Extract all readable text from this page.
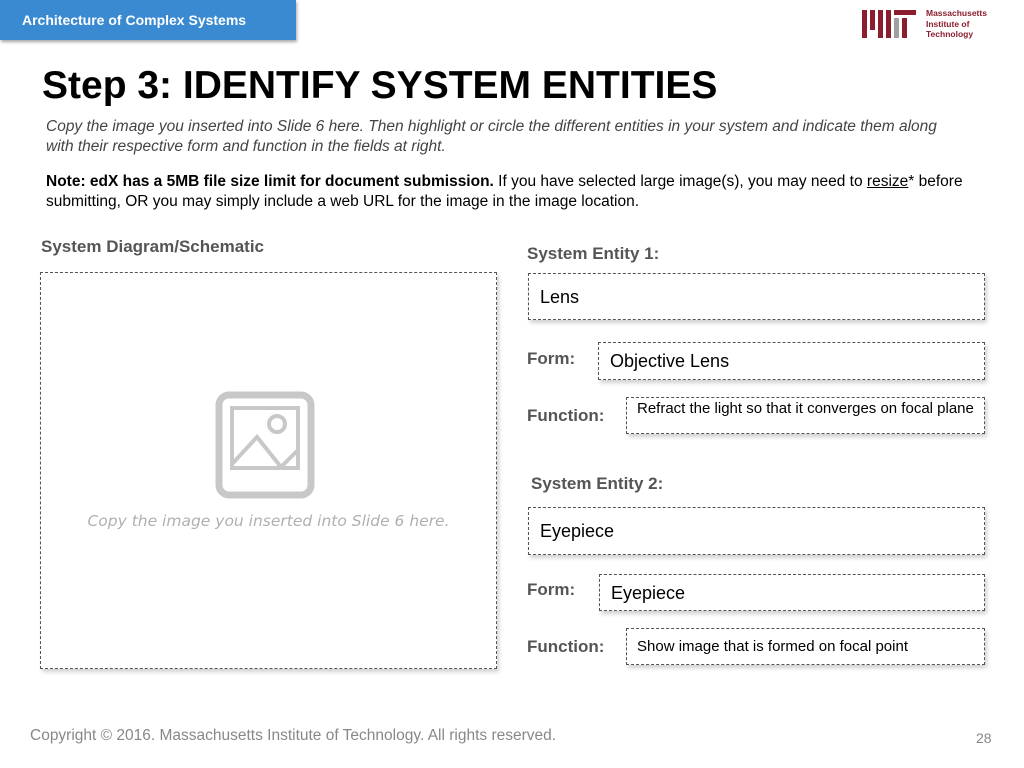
Architecture of Complex Systems	Massachusetts
Institute of
Technology
Step 3: IDENTIFY SYSTEM ENTITIES
Copy the image you inserted into Slide 6 here. Then highlight or circle the different entities in your system and indicate them along with their respective form and function in the fields at right.
Note: edX has a 5MB file size limit for document submission. If you have selected large image(s), you may need to resize* before submitting, OR you may simply include a web URL for the image in the image location.
System Diagram/Schematic
Copy the image you inserted into Slide 6 here.
System Entity 1:
Lens
Form:	Objective Lens
Function:	Refract the light so that it converges on focal plane
System Entity 2:
Eyepiece
Form:	Eyepiece
Function:	Show image that is formed on focal point
Copyright © 2016. Massachusetts Institute of Technology. All rights reserved.	28
